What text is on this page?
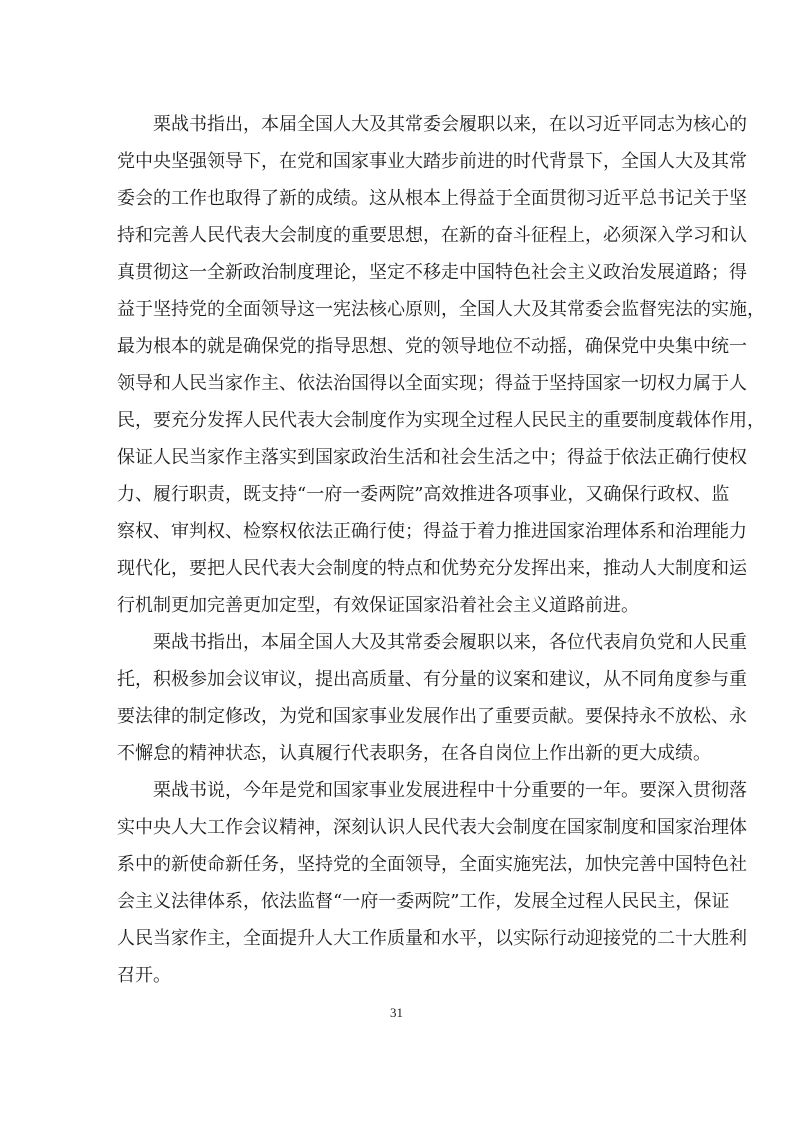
栗战书指出，本届全国人大及其常委会履职以来，在以习近平同志为核心的
党中央坚强领导下，在党和国家事业大踏步前进的时代背景下，全国人大及其常
委会的工作也取得了新的成绩。这从根本上得益于全面贯彻习近平总书记关于坚
持和完善人民代表大会制度的重要思想，在新的奋斗征程上，必须深入学习和认
真贯彻这一全新政治制度理论，坚定不移走中国特色社会主义政治发展道路；得
益于坚持党的全面领导这一宪法核心原则，全国人大及其常委会监督宪法的实施，
最为根本的就是确保党的指导思想、党的领导地位不动摇，确保党中央集中统一
领导和人民当家作主、依法治国得以全面实现；得益于坚持国家一切权力属于人
民，要充分发挥人民代表大会制度作为实现全过程人民民主的重要制度载体作用，
保证人民当家作主落实到国家政治生活和社会生活之中；得益于依法正确行使权
力、履行职责，既支持“一府一委两院”高效推进各项事业，又确保行政权、监
察权、审判权、检察权依法正确行使；得益于着力推进国家治理体系和治理能力
现代化，要把人民代表大会制度的特点和优势充分发挥出来，推动人大制度和运
行机制更加完善更加定型，有效保证国家沿着社会主义道路前进。
栗战书指出，本届全国人大及其常委会履职以来，各位代表肩负党和人民重
托，积极参加会议审议，提出高质量、有分量的议案和建议，从不同角度参与重
要法律的制定修改，为党和国家事业发展作出了重要贡献。要保持永不放松、永
不懈怠的精神状态，认真履行代表职务，在各自岗位上作出新的更大成绩。
栗战书说，今年是党和国家事业发展进程中十分重要的一年。要深入贯彻落
实中央人大工作会议精神，深刻认识人民代表大会制度在国家制度和国家治理体
系中的新使命新任务，坚持党的全面领导，全面实施宪法，加快完善中国特色社
会主义法律体系，依法监督“一府一委两院”工作，发展全过程人民民主，保证
人民当家作主，全面提升人大工作质量和水平，以实际行动迎接党的二十大胜利
召开。
31
